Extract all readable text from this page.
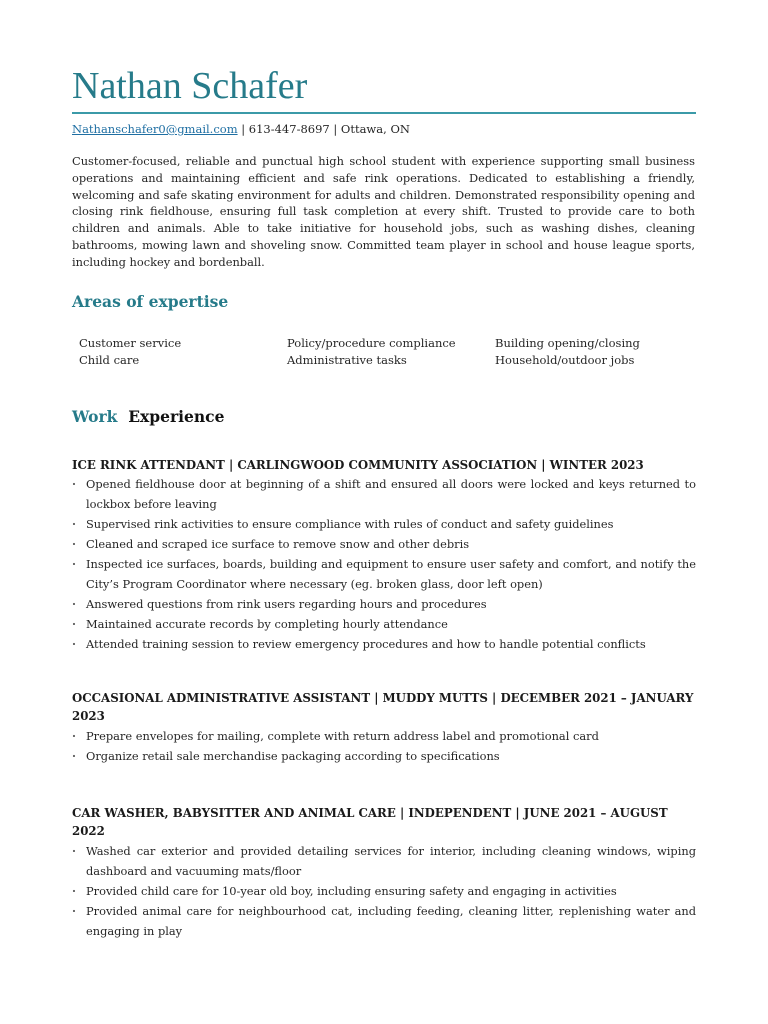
Nathan Schafer
Nathanschafer0@gmail.com | 613-447-8697 | Ottawa, ON

Customer-focused, reliable and punctual high school student with experience supporting small business operations and maintaining efficient and safe rink operations. Dedicated to establishing a friendly, welcoming and safe skating environment for adults and children. Demonstrated responsibility opening and closing rink fieldhouse, ensuring full task completion at every shift. Trusted to provide care to both children and animals. Able to take initiative for household jobs, such as washing dishes, cleaning bathrooms, mowing lawn and shoveling snow. Committed team player in school and house league sports, including hockey and bordenball.

Areas of expertise
Customer service	Policy/procedure compliance	Building opening/closing
Child care	Administrative tasks	Household/outdoor jobs
Work Experience
ICE RINK ATTENDANT | CARLINGWOOD COMMUNITY ASSOCIATION | WINTER 2023
· Opened fieldhouse door at beginning of a shift and ensured all doors were locked and keys returned to lockbox before leaving
· Supervised rink activities to ensure compliance with rules of conduct and safety guidelines
· Cleaned and scraped ice surface to remove snow and other debris
· Inspected ice surfaces, boards, building and equipment to ensure user safety and comfort, and notify the City’s Program Coordinator where necessary (eg. broken glass, door left open)
· Answered questions from rink users regarding hours and procedures
· Maintained accurate records by completing hourly attendance
· Attended training session to review emergency procedures and how to handle potential conflicts
OCCASIONAL ADMINISTRATIVE ASSISTANT | MUDDY MUTTS | DECEMBER 2021 – JANUARY 2023
· Prepare envelopes for mailing, complete with return address label and promotional card
· Organize retail sale merchandise packaging according to specifications
CAR WASHER, BABYSITTER AND ANIMAL CARE | INDEPENDENT | JUNE 2021 – AUGUST 2022
· Washed car exterior and provided detailing services for interior, including cleaning windows, wiping dashboard and vacuuming mats/floor
· Provided child care for 10-year old boy, including ensuring safety and engaging in activities
· Provided animal care for neighbourhood cat, including feeding, cleaning litter, replenishing water and engaging in play
